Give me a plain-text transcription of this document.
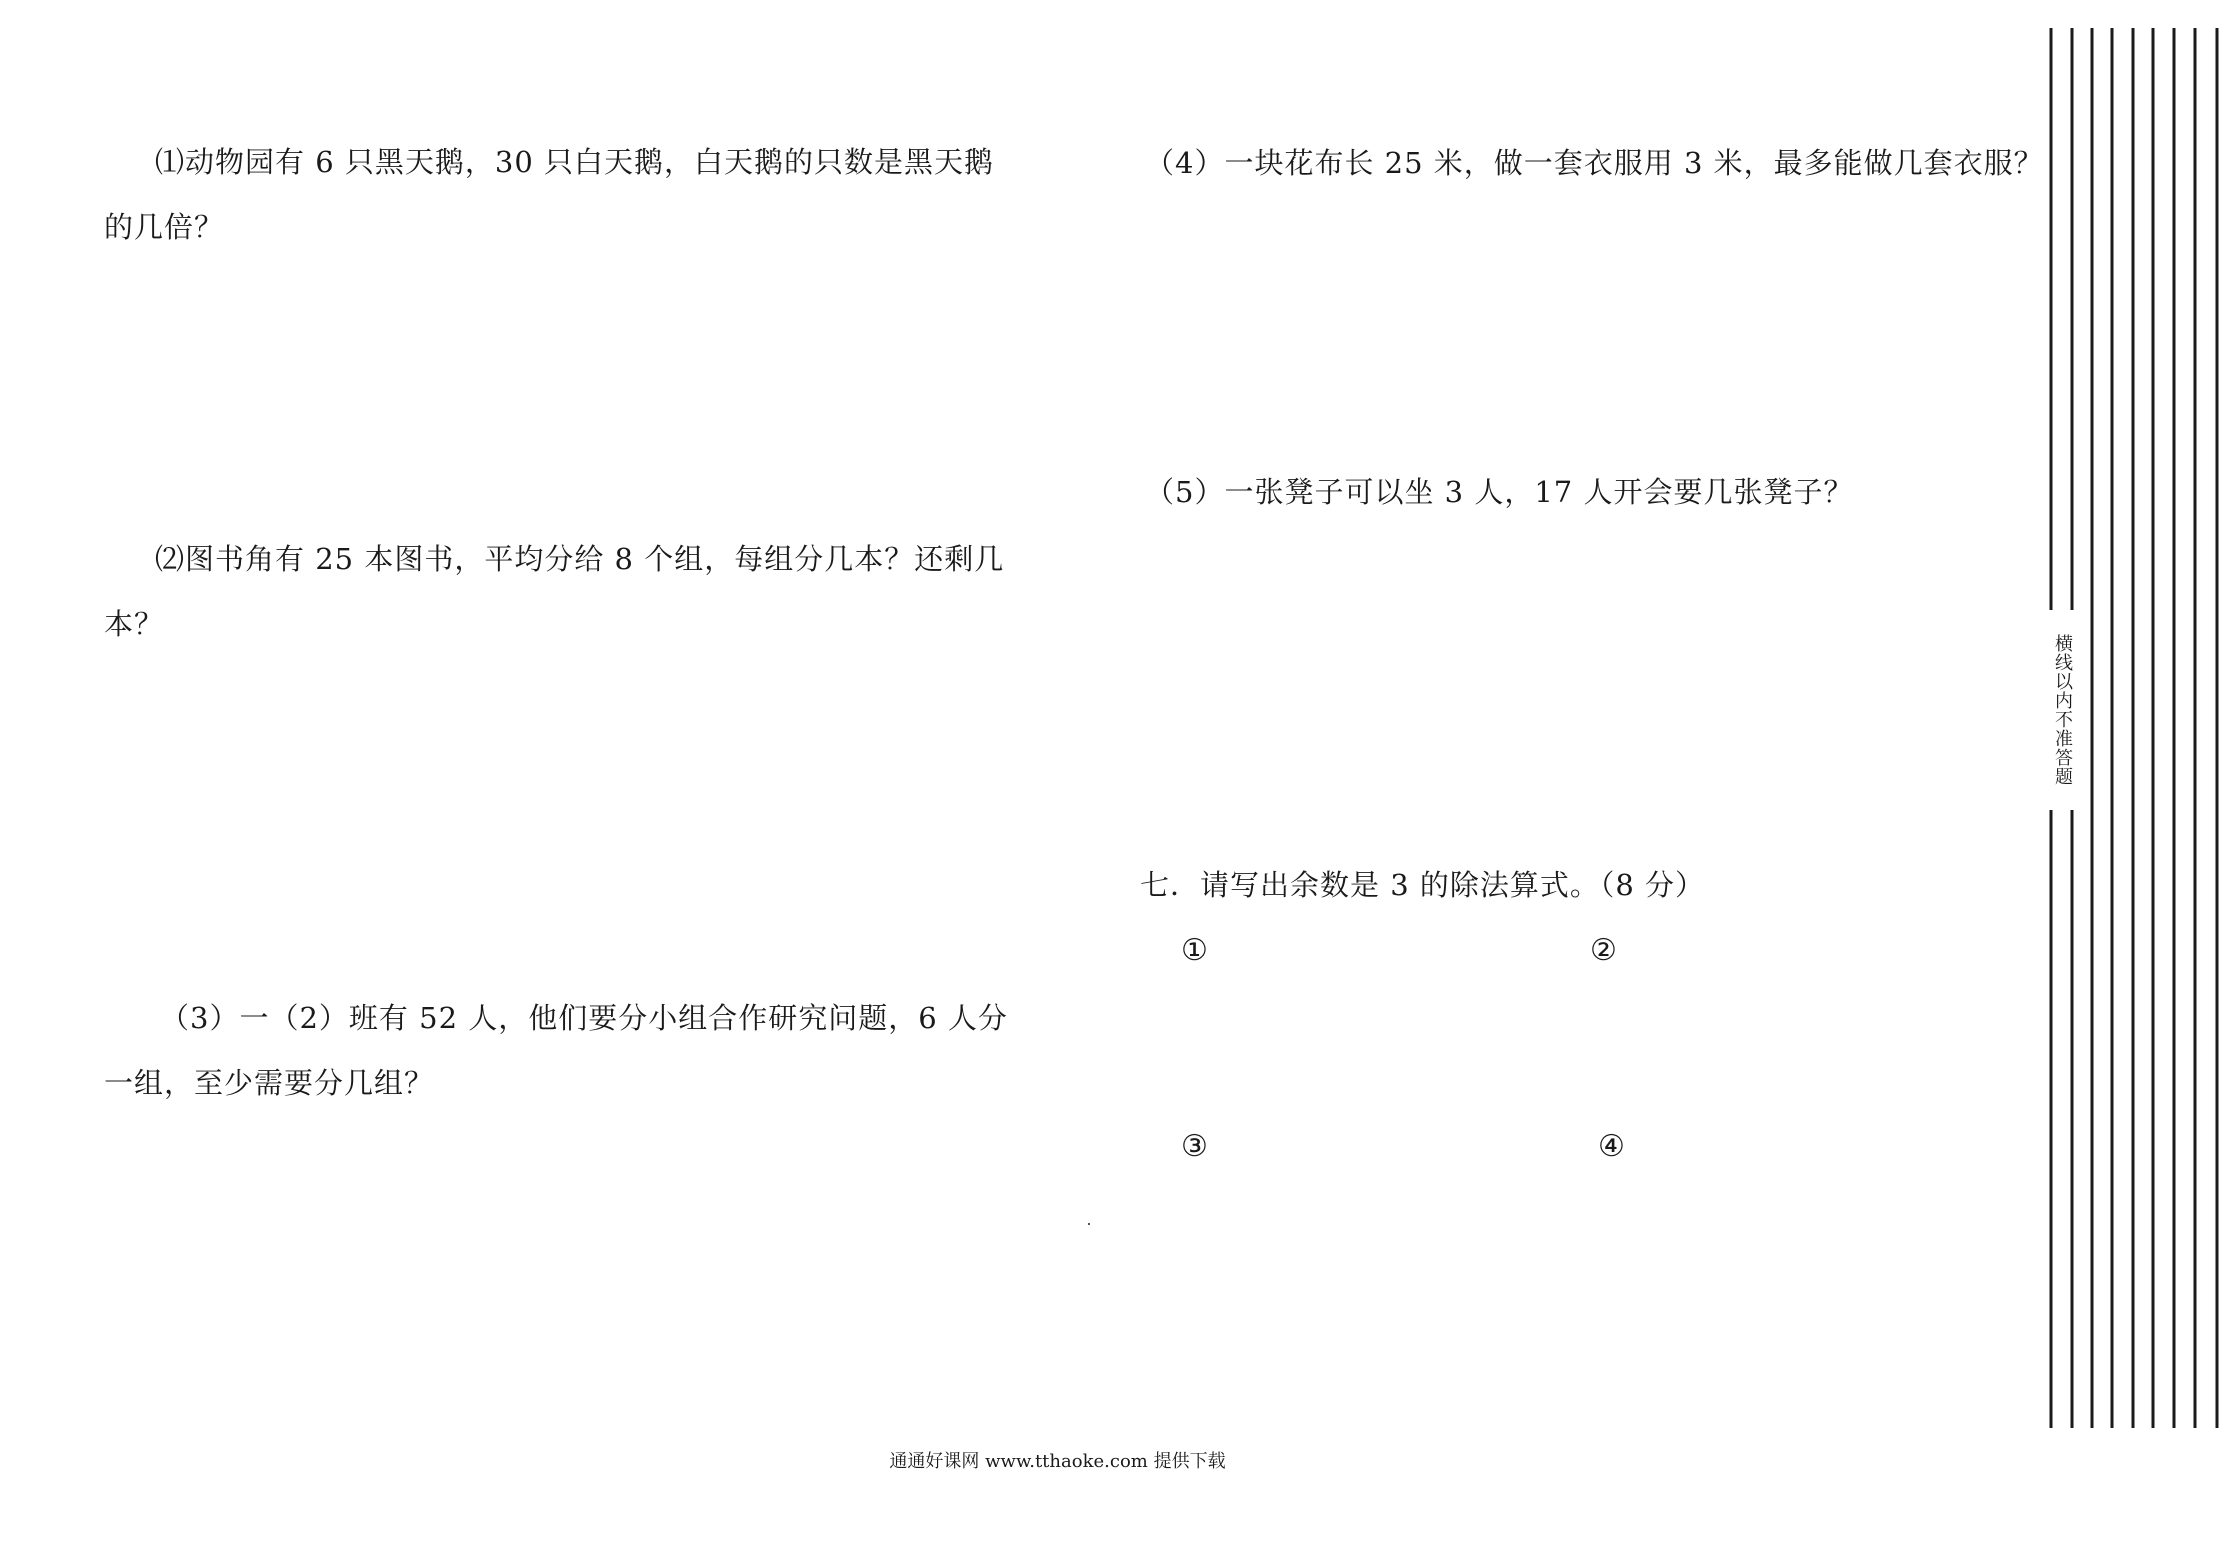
⑴动物园有 6 只黑天鹅，30 只白天鹅，白天鹅的只数是黑天鹅
的几倍？
⑵图书角有 25 本图书，平均分给 8 个组，每组分几本？还剩几
本？
（3）一（2）班有 52 人，他们要分小组合作研究问题，6 人分
一组，至少需要分几组？
（4）一块花布长 25 米，做一套衣服用 3 米，最多能做几套衣服？
（5）一张凳子可以坐 3 人，17 人开会要几张凳子？
七．请写出余数是 3 的除法算式。（8 分）
①	②
③	④
横线以内不准答题
通通好课网 www.tthaoke.com 提供下载
